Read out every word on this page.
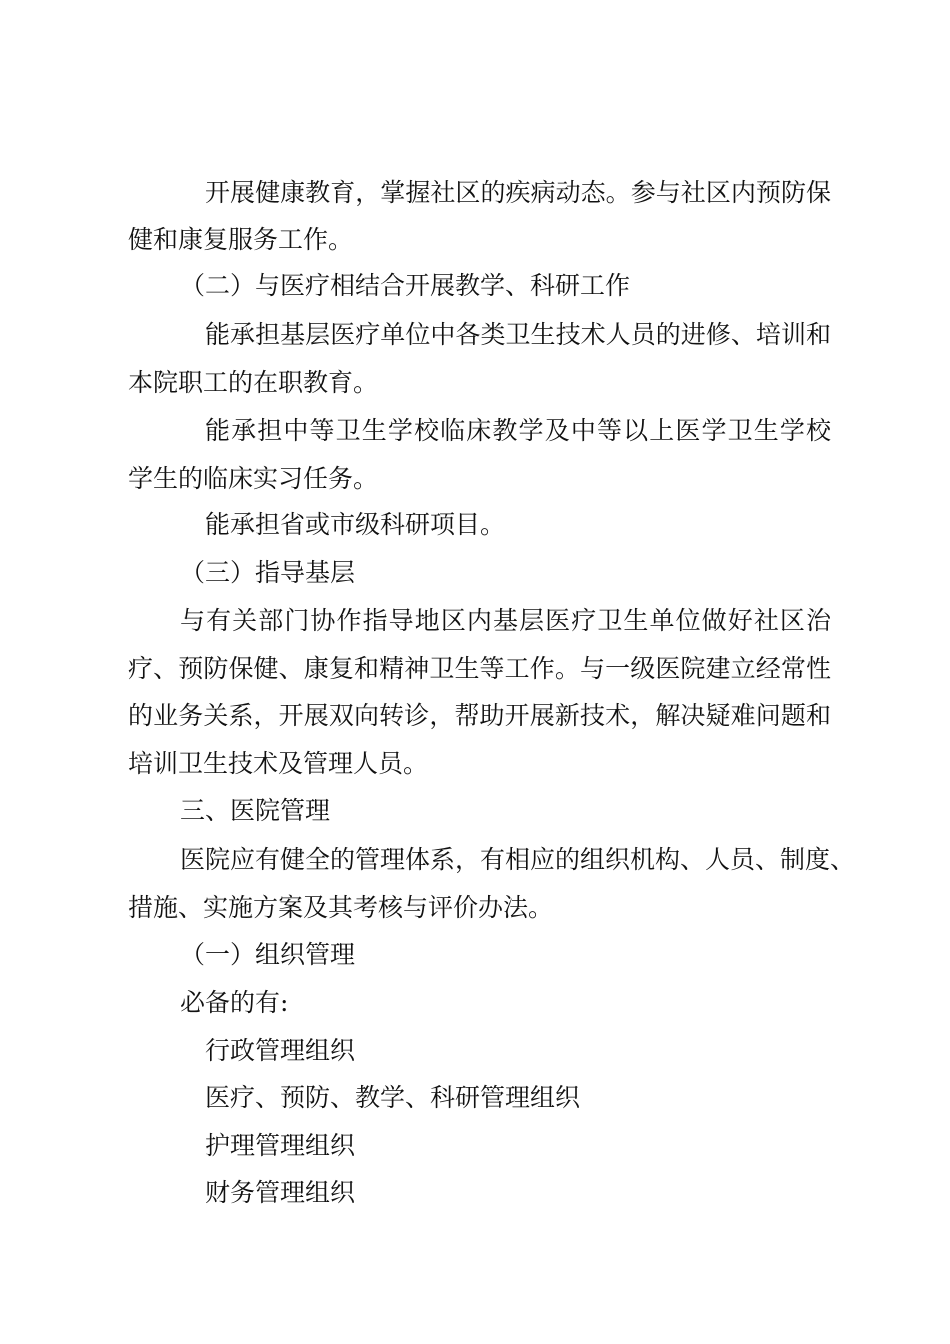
开展健康教育，掌握社区的疾病动态。参与社区内预防保
健和康复服务工作。
（二）与医疗相结合开展教学、科研工作
能承担基层医疗单位中各类卫生技术人员的进修、培训和
本院职工的在职教育。
能承担中等卫生学校临床教学及中等以上医学卫生学校
学生的临床实习任务。
能承担省或市级科研项目。
（三）指导基层
与有关部门协作指导地区内基层医疗卫生单位做好社区治
疗、预防保健、康复和精神卫生等工作。与一级医院建立经常性
的业务关系，开展双向转诊，帮助开展新技术，解决疑难问题和
培训卫生技术及管理人员。
三、医院管理
医院应有健全的管理体系，有相应的组织机构、人员、制度、
措施、实施方案及其考核与评价办法。
（一）组织管理
必备的有:
行政管理组织
医疗、预防、教学、科研管理组织
护理管理组织
财务管理组织
